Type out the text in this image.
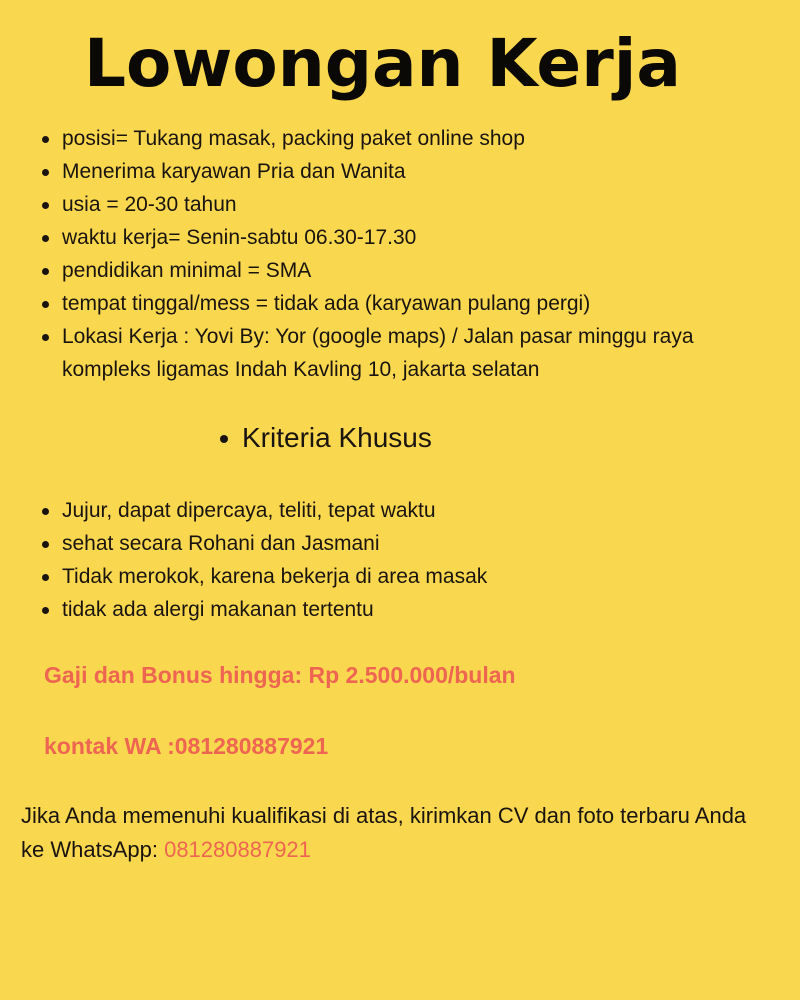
Lowongan Kerja
posisi= Tukang masak, packing paket online shop
Menerima karyawan Pria dan Wanita
usia = 20-30 tahun
waktu kerja= Senin-sabtu 06.30-17.30
pendidikan minimal = SMA
tempat tinggal/mess = tidak ada (karyawan pulang pergi)
Lokasi Kerja : Yovi By: Yor (google maps) / Jalan pasar minggu raya kompleks ligamas Indah Kavling 10, jakarta selatan
Kriteria Khusus
Jujur, dapat dipercaya, teliti, tepat waktu
sehat secara Rohani dan Jasmani
Tidak merokok, karena bekerja di area masak
tidak ada alergi makanan tertentu
Gaji dan Bonus hingga: Rp 2.500.000/bulan
kontak WA :081280887921
Jika Anda memenuhi kualifikasi di atas, kirimkan CV dan foto terbaru Anda ke WhatsApp: 081280887921
